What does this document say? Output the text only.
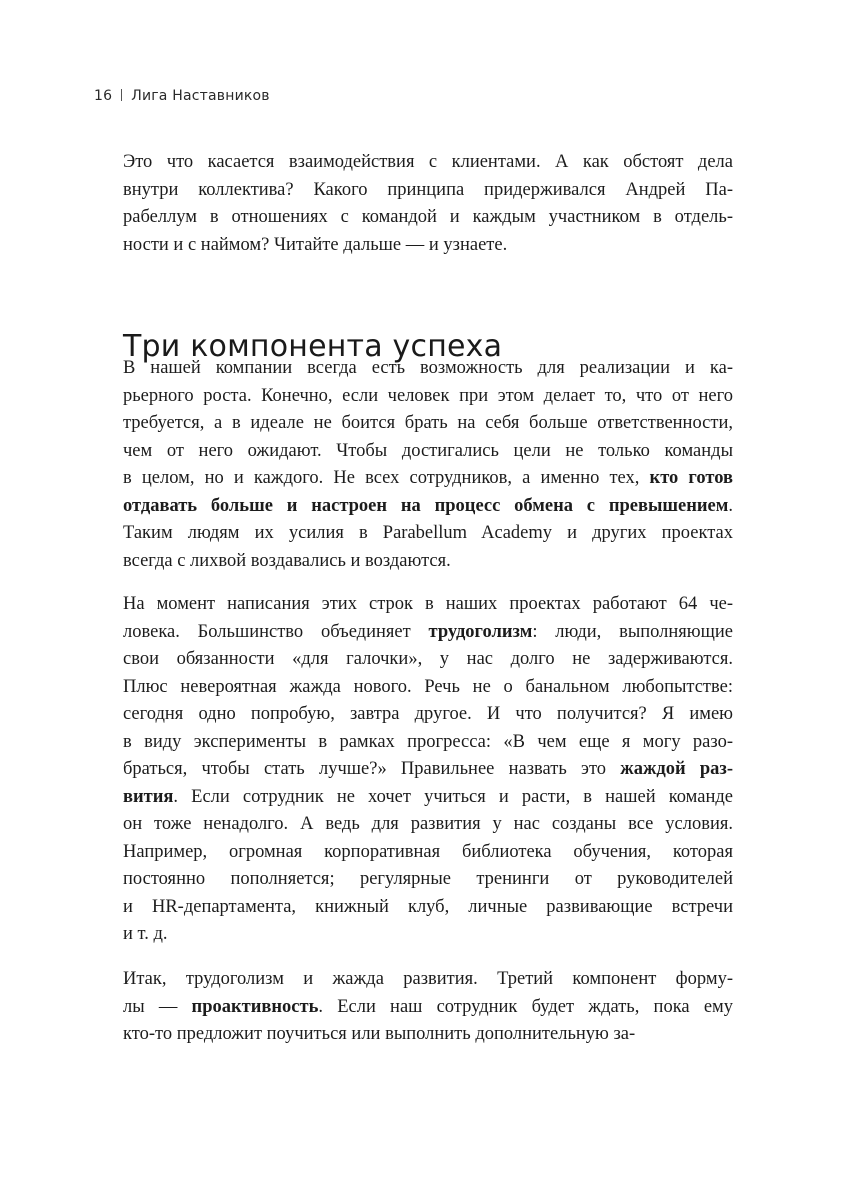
16 Лига Наставников
Это что касается взаимодействия с клиентами. А как обстоят дела
внутри коллектива? Какого принципа придерживался Андрей Па-
рабеллум в отношениях с командой и каждым участником в отдель-
ности и с наймом? Читайте дальше — и узнаете.
Три компонента успеха
В нашей компании всегда есть возможность для реализации и ка-
рьерного роста. Конечно, если человек при этом делает то, что от него
требуется, а в идеале не боится брать на себя больше ответственности,
чем от него ожидают. Чтобы достигались цели не только команды
в целом, но и каждого. Не всех сотрудников, а именно тех, кто готов
отдавать больше и настроен на процесс обмена с превышением.
Таким людям их усилия в Parabellum Academy и других проектах
всегда с лихвой воздавались и воздаются.
На момент написания этих строк в наших проектах работают 64 че-
ловека. Большинство объединяет трудоголизм: люди, выполняющие
свои обязанности «для галочки», у нас долго не задерживаются.
Плюс невероятная жажда нового. Речь не о банальном любопытстве:
сегодня одно попробую, завтра другое. И что получится? Я имею
в виду эксперименты в рамках прогресса: «В чем еще я могу разо-
браться, чтобы стать лучше?» Правильнее назвать это жаждой раз-
вития. Если сотрудник не хочет учиться и расти, в нашей команде
он тоже ненадолго. А ведь для развития у нас созданы все условия.
Например, огромная корпоративная библиотека обучения, которая
постоянно пополняется; регулярные тренинги от руководителей
и HR-департамента, книжный клуб, личные развивающие встречи
и т. д.
Итак, трудоголизм и жажда развития. Третий компонент форму-
лы — проактивность. Если наш сотрудник будет ждать, пока ему
кто-то предложит поучиться или выполнить дополнительную за-
